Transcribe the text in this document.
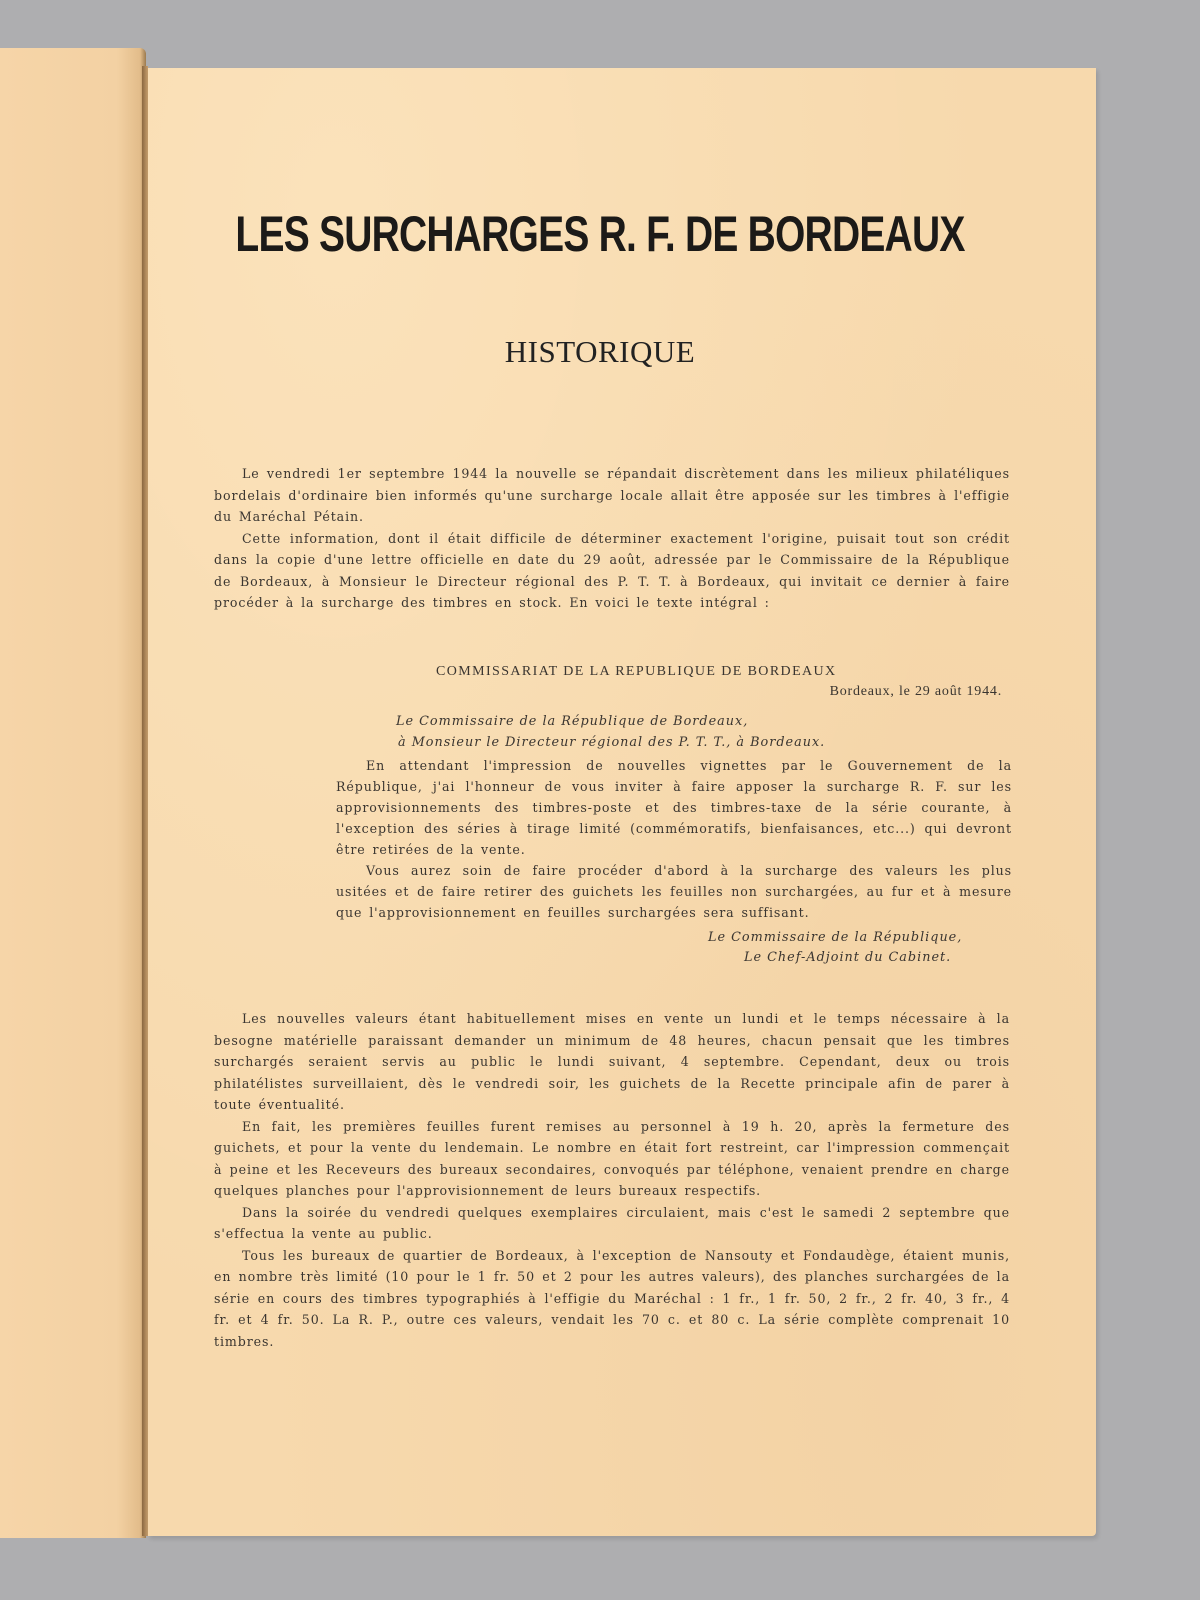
LES SURCHARGES R. F. DE BORDEAUX
HISTORIQUE

Le vendredi 1er septembre 1944 la nouvelle se répandait discrètement dans les milieux philatéliques bordelais d'ordinaire bien informés qu'une surcharge locale allait être apposée sur les timbres à l'effigie du Maréchal Pétain.

Cette information, dont il était difficile de déterminer exactement l'origine, puisait tout son crédit dans la copie d'une lettre officielle en date du 29 août, adressée par le Commissaire de la République de Bordeaux, à Monsieur le Directeur régional des P. T. T. à Bordeaux, qui invitait ce dernier à faire procéder à la surcharge des timbres en stock. En voici le texte intégral :

COMMISSARIAT DE LA REPUBLIQUE DE BORDEAUX
Bordeaux, le 29 août 1944.
Le Commissaire de la République de Bordeaux,
à Monsieur le Directeur régional des P. T. T., à Bordeaux.

En attendant l'impression de nouvelles vignettes par le Gouvernement de la République, j'ai l'honneur de vous inviter à faire apposer la surcharge R. F. sur les approvisionnements des timbres-poste et des timbres-taxe de la série courante, à l'exception des séries à tirage limité (commémoratifs, bienfaisances, etc...) qui devront être retirées de la vente.

Vous aurez soin de faire procéder d'abord à la surcharge des valeurs les plus usitées et de faire retirer des guichets les feuilles non surchargées, au fur et à mesure que l'approvisionnement en feuilles surchargées sera suffisant.

Le Commissaire de la République,
Le Chef-Adjoint du Cabinet.

Les nouvelles valeurs étant habituellement mises en vente un lundi et le temps nécessaire à la besogne matérielle paraissant demander un minimum de 48 heures, chacun pensait que les timbres surchargés seraient servis au public le lundi suivant, 4 septembre. Cependant, deux ou trois philatélistes surveillaient, dès le vendredi soir, les guichets de la Recette principale afin de parer à toute éventualité.

En fait, les premières feuilles furent remises au personnel à 19 h. 20, après la fermeture des guichets, et pour la vente du lendemain. Le nombre en était fort restreint, car l'impression commençait à peine et les Receveurs des bureaux secondaires, convoqués par téléphone, venaient prendre en charge quelques planches pour l'approvisionnement de leurs bureaux respectifs.

Dans la soirée du vendredi quelques exemplaires circulaient, mais c'est le samedi 2 septembre que s'effectua la vente au public.

Tous les bureaux de quartier de Bordeaux, à l'exception de Nansouty et Fondaudège, étaient munis, en nombre très limité (10 pour le 1 fr. 50 et 2 pour les autres valeurs), des planches surchargées de la série en cours des timbres typographiés à l'effigie du Maréchal : 1 fr., 1 fr. 50, 2 fr., 2 fr. 40, 3 fr., 4 fr. et 4 fr. 50. La R. P., outre ces valeurs, vendait les 70 c. et 80 c. La série complète comprenait 10 timbres.
